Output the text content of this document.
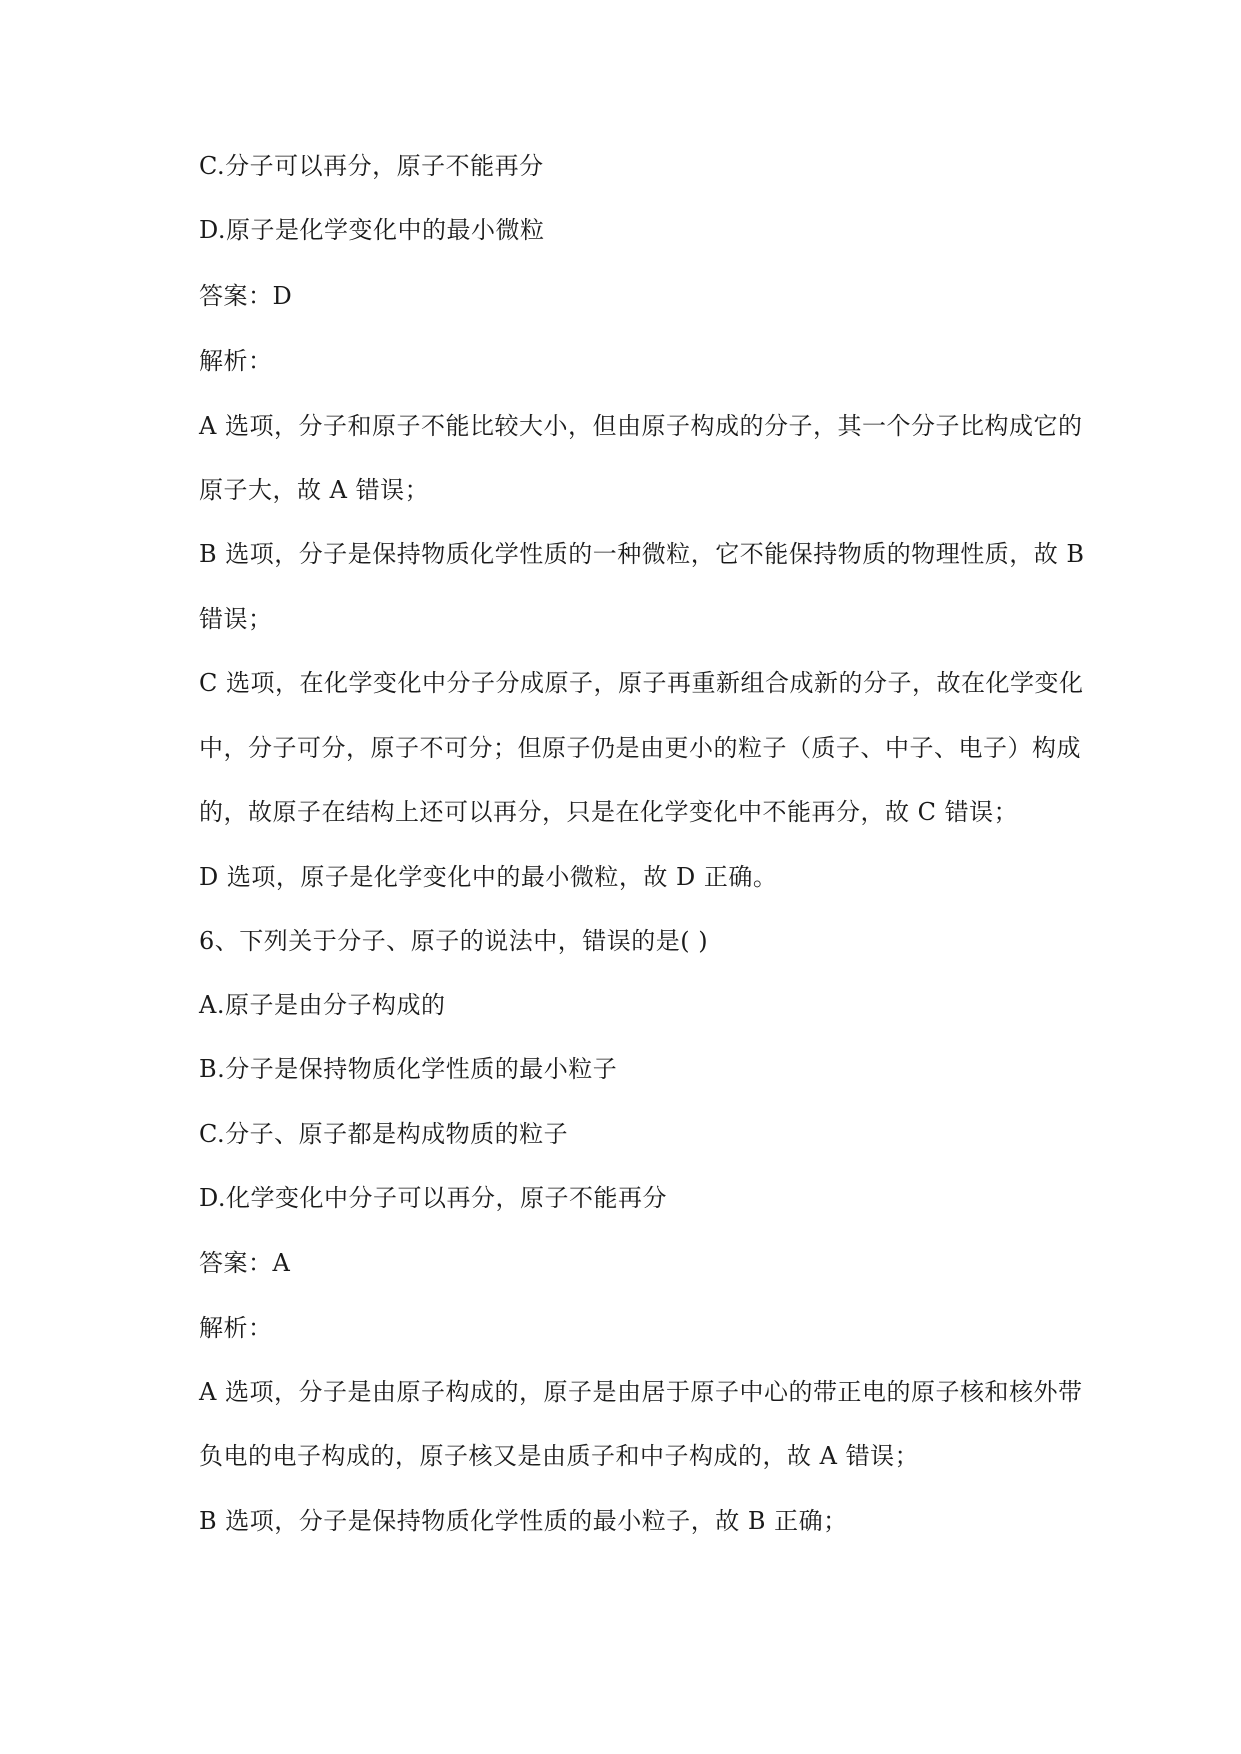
C.分子可以再分，原子不能再分
D.原子是化学变化中的最小微粒
答案：D
解析：
A 选项，分子和原子不能比较大小，但由原子构成的分子，其一个分子比构成它的
原子大，故 A 错误；
B 选项，分子是保持物质化学性质的一种微粒，它不能保持物质的物理性质，故 B
错误；
C 选项，在化学变化中分子分成原子，原子再重新组合成新的分子，故在化学变化
中，分子可分，原子不可分；但原子仍是由更小的粒子（质子、中子、电子）构成
的，故原子在结构上还可以再分，只是在化学变化中不能再分，故 C 错误；
D 选项，原子是化学变化中的最小微粒，故 D 正确。
6、下列关于分子、原子的说法中，错误的是( )
A.原子是由分子构成的
B.分子是保持物质化学性质的最小粒子
C.分子、原子都是构成物质的粒子
D.化学变化中分子可以再分，原子不能再分
答案：A
解析：
A 选项，分子是由原子构成的，原子是由居于原子中心的带正电的原子核和核外带
负电的电子构成的，原子核又是由质子和中子构成的，故 A 错误；
B 选项，分子是保持物质化学性质的最小粒子，故 B 正确；
